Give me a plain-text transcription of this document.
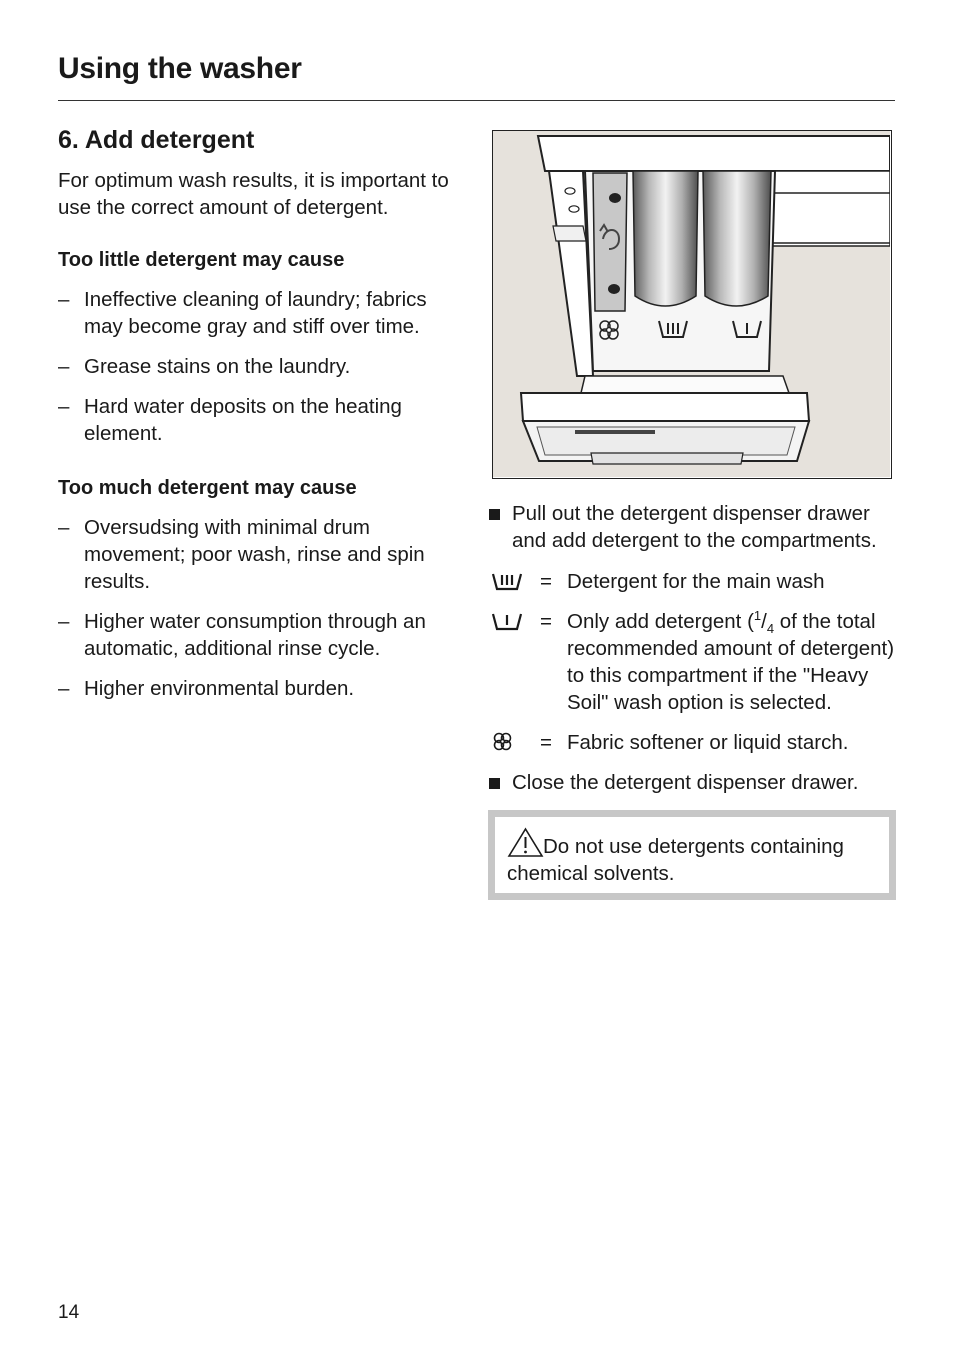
Using the washer
6. Add detergent

For optimum wash results, it is important to use the correct amount of detergent.

Too little detergent may cause
– Ineffective cleaning of laundry; fabrics may become gray and stiff over time.
– Grease stains on the laundry.
– Hard water deposits on the heating element.
Too much detergent may cause
– Oversudsing with minimal drum movement; poor wash, rinse and spin results.
– Higher water consumption through an automatic, additional rinse cycle.
– Higher environmental burden.
Pull out the detergent dispenser drawer and add detergent to the compartments.
= Detergent for the main wash
= Only add detergent ($^1/_4$ of the total recommended amount of detergent) to this compartment if the "Heavy Soil" wash option is selected.
= Fabric softener or liquid starch.
Close the detergent dispenser drawer.
Do not use detergents containing chemical solvents.
14
